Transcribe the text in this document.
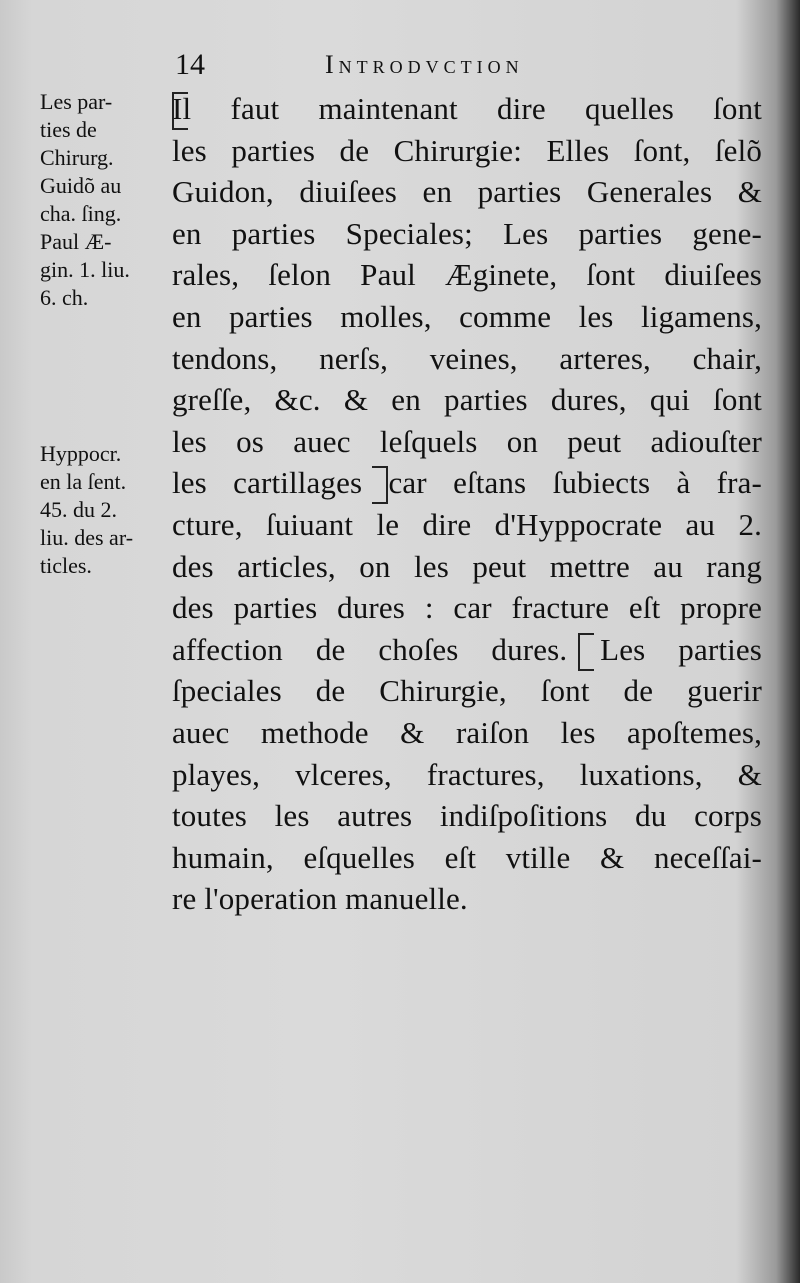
14	Introdvction
Les par-
ties de
Chirurg.
Guidõ au
cha. ſing.
Paul Æ-
gin. 1. liu.
6. ch.
Hyppocr.
en la ſent.
45. du 2.
liu. des ar-
ticles.
Il faut maintenant dire quelles ſont
les parties de Chirurgie: Elles ſont, ſelõ
Guidon, diuiſees en parties Generales &
en parties Speciales; Les parties gene-
rales, ſelon Paul Æginete, ſont diuiſees
en parties molles, comme les ligamens,
tendons, nerſs, veines, arteres, chair,
greſſe, &c. & en parties dures, qui ſont
les os auec leſquels on peut adiouſter
les cartillages car eſtans ſubiects à fra-
cture, ſuiuant le dire d'Hyppocrate au 2.
des articles, on les peut mettre au rang
des parties dures : car fracture eſt propre
affection de choſes dures. Les parties
ſpeciales de Chirurgie, ſont de guerir
auec methode & raiſon les apoſtemes,
playes, vlceres, fractures, luxations, &
toutes les autres indiſpoſitions du corps
humain, eſquelles eſt vtille & neceſſai-
re l'operation manuelle.
